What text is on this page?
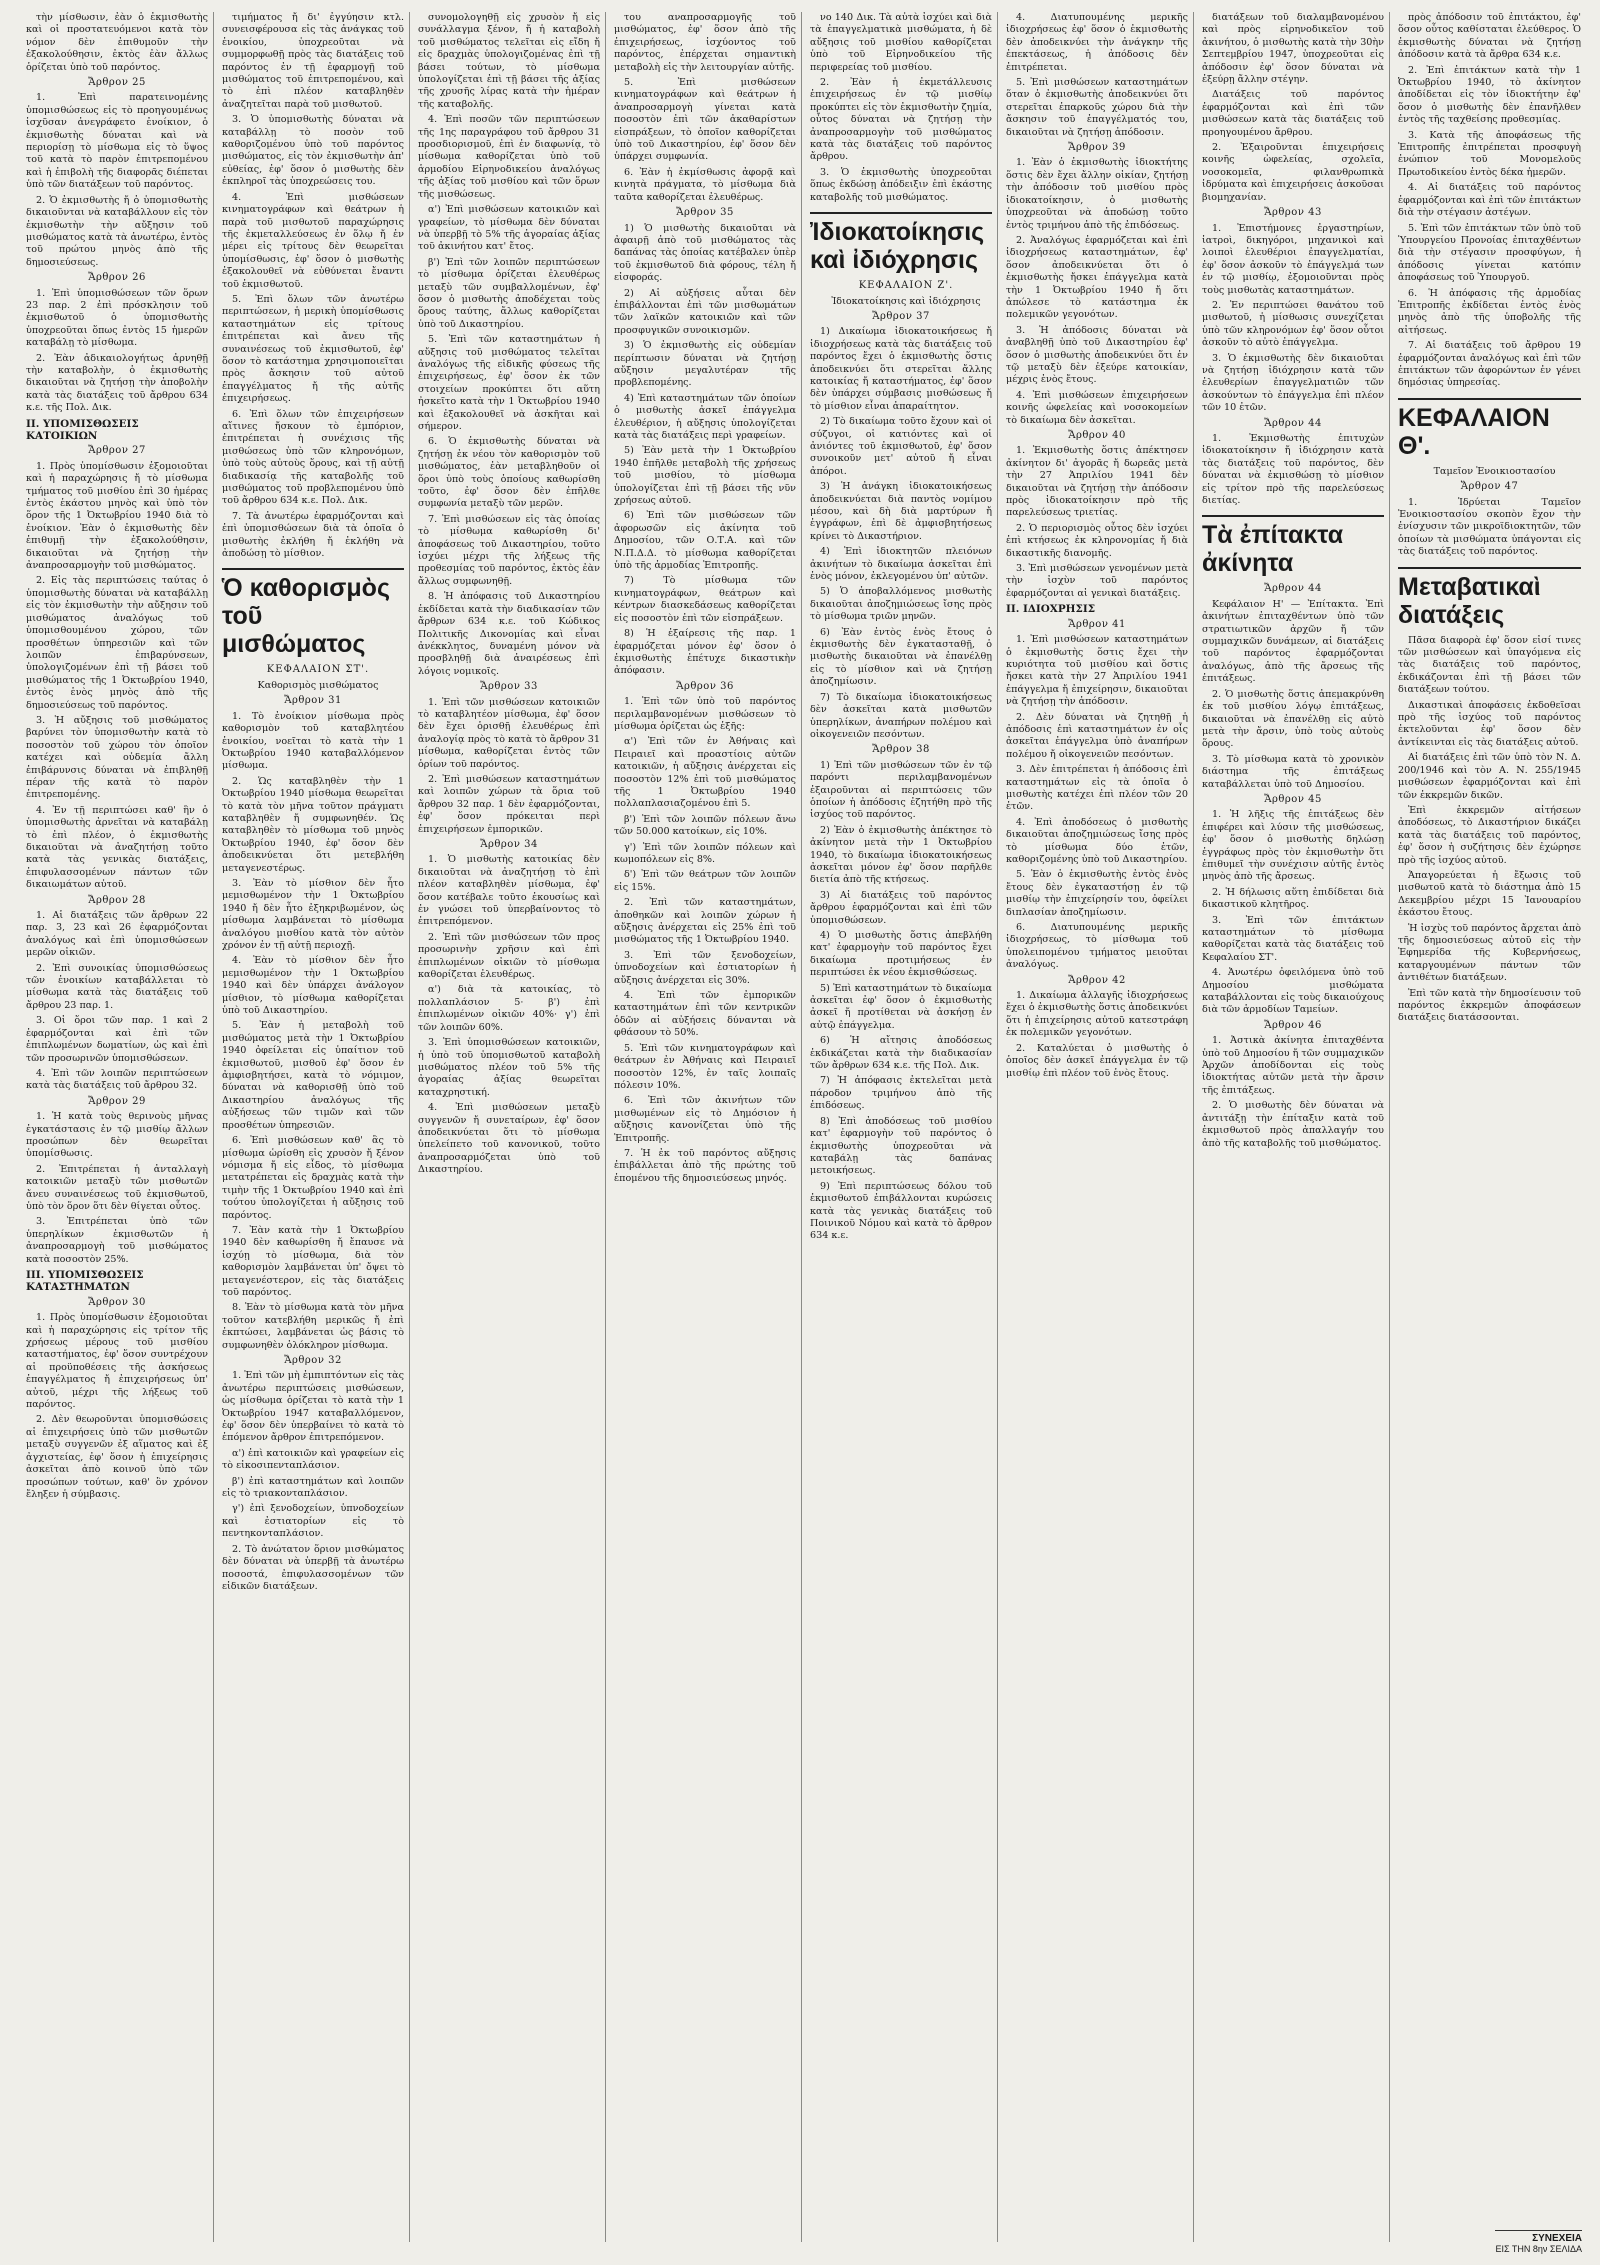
τὴν μίσθωσιν, ἐὰν ὁ ἐκμισθωτὴς καὶ οἱ προστατευόμενοι κατὰ τὸν νόμον δὲν ἐπιθυμοῦν τὴν ἐξακολούθησιν, ἐκτὸς ἐὰν ἄλλως ὁρίζεται ὑπὸ τοῦ παρόντος.

Ἄρθρον 25

1. Ἐπὶ παρατεινομένης ὑπομισθώσεως εἰς τὸ προηγουμένως ἰσχῦσαν ἀνεγράφετο ἐνοίκιον, ὁ ἐκμισθωτὴς δύναται καὶ νὰ περιορίσῃ τὸ μίσθωμα εἰς τὸ ὕψος τοῦ κατὰ τὸ παρὸν ἐπιτρεπομένου καὶ ἡ ἐπιβολὴ τῆς διαφορᾶς διέπεται ὑπὸ τῶν διατάξεων τοῦ παρόντος.

2. Ὁ ἐκμισθωτὴς ἤ ὁ ὑπομισθωτὴς δικαιοῦνται νὰ καταβάλλουν εἰς τὸν ἐκμισθωτὴν τὴν αὔξησιν τοῦ μισθώματος κατὰ τὰ ἀνωτέρω, ἐντὸς τοῦ πρώτου μηνὸς ἀπὸ τῆς δημοσιεύσεως.

Ἄρθρον 26

1. Ἐπὶ ὑπομισθώσεων τῶν ὅρων 23 παρ. 2 ἐπὶ πρόσκλησιν τοῦ ἐκμισθωτοῦ ὁ ὑπομισθωτὴς ὑποχρεοῦται ὅπως ἐντὸς 15 ἡμερῶν καταβάλῃ τὸ μίσθωμα.

2. Ἐὰν ἀδικαιολογήτως ἀρνηθῇ τὴν καταβολὴν, ὁ ἐκμισθωτὴς δικαιοῦται νὰ ζητήσῃ τὴν ἀποβολὴν κατὰ τὰς διατάξεις τοῦ ἄρθρου 634 κ.ε. τῆς Πολ. Δικ.

II. ΥΠΟΜΙΣΘΩΣΕΙΣ ΚΑΤΟΙΚΙΩΝ

Ἄρθρον 27

1. Πρὸς ὑπομίσθωσιν ἐξομοιοῦται καὶ ἡ παραχώρησις ἤ τὸ μίσθωμα τμήματος τοῦ μισθίου ἐπὶ 30 ἡμέρας ἐντὸς ἑκάστου μηνὸς καὶ ὑπὸ τὸν ὅρον τῆς 1 Ὀκτωβρίου 1940 διὰ τὸ ἐνοίκιον. Ἐὰν ὁ ἐκμισθωτὴς δὲν ἐπιθυμῇ τὴν ἐξακολούθησιν, δικαιοῦται νὰ ζητήσῃ τὴν ἀναπροσαρμογὴν τοῦ μισθώματος.

2. Εἰς τὰς περιπτώσεις ταύτας ὁ ὑπομισθωτὴς δύναται νὰ καταβάλλῃ εἰς τὸν ἐκμισθωτὴν τὴν αὔξησιν τοῦ μισθώματος ἀναλόγως τοῦ ὑπομισθουμένου χώρου, τῶν προσθέτων ὑπηρεσιῶν καὶ τῶν λοιπῶν ἐπιβαρύνσεων, ὑπολογιζομένων ἐπὶ τῇ βάσει τοῦ μισθώματος τῆς 1 Ὀκτωβρίου 1940, ἐντὸς ἑνὸς μηνὸς ἀπὸ τῆς δημοσιεύσεως τοῦ παρόντος.

3. Ἡ αὔξησις τοῦ μισθώματος βαρύνει τὸν ὑπομισθωτὴν κατὰ τὸ ποσοστὸν τοῦ χώρου τὸν ὁποῖον κατέχει καὶ οὐδεμία ἄλλη ἐπιβάρυνσις δύναται νὰ ἐπιβληθῇ πέραν τῆς κατὰ τὸ παρὸν ἐπιτρεπομένης.

4. Ἐν τῇ περιπτώσει καθ' ἣν ὁ ὑπομισθωτὴς ἀρνεῖται νὰ καταβάλῃ τὸ ἐπὶ πλέον, ὁ ἐκμισθωτὴς δικαιοῦται νὰ ἀναζητήσῃ τοῦτο κατὰ τὰς γενικὰς διατάξεις, ἐπιφυλασσομένων πάντων τῶν δικαιωμάτων αὐτοῦ.

Ἄρθρον 28

1. Αἱ διατάξεις τῶν ἄρθρων 22 παρ. 3, 23 καὶ 26 ἐφαρμόζονται ἀναλόγως καὶ ἐπὶ ὑπομισθώσεων μερῶν οἰκιῶν.

2. Ἐπὶ συνοικίας ὑπομισθώσεως τῶν ἐνοικίων καταβάλλεται τὸ μίσθωμα κατὰ τὰς διατάξεις τοῦ ἄρθρου 23 παρ. 1.

3. Οἱ ὅροι τῶν παρ. 1 καὶ 2 ἐφαρμόζονται καὶ ἐπὶ τῶν ἐπιπλωμένων δωματίων, ὡς καὶ ἐπὶ τῶν προσωρινῶν ὑπομισθώσεων.

4. Ἐπὶ τῶν λοιπῶν περιπτώσεων κατὰ τὰς διατάξεις τοῦ ἄρθρου 32.

Ἄρθρον 29

1. Ἡ κατὰ τοὺς θερινοὺς μῆνας ἐγκατάστασις ἐν τῷ μισθίῳ ἄλλων προσώπων δὲν θεωρεῖται ὑπομίσθωσις.

2. Ἐπιτρέπεται ἡ ἀνταλλαγὴ κατοικιῶν μεταξὺ τῶν μισθωτῶν ἄνευ συναινέσεως τοῦ ἐκμισθωτοῦ, ὑπὸ τὸν ὅρον ὅτι δὲν θίγεται οὗτος.

3. Ἐπιτρέπεται ὑπὸ τῶν ὑπερηλίκων ἐκμισθωτῶν ἡ ἀναπροσαρμογὴ τοῦ μισθώματος κατὰ ποσοστὸν 25%.

III. ΥΠΟΜΙΣΘΩΣΕΙΣ ΚΑΤΑΣΤΗΜΑΤΩΝ

Ἄρθρον 30

1. Πρὸς ὑπομίσθωσιν ἐξομοιοῦται καὶ ἡ παραχώρησις εἰς τρίτον τῆς χρήσεως μέρους τοῦ μισθίου καταστήματος, ἐφ' ὅσον συντρέχουν αἱ προϋποθέσεις τῆς ἀσκήσεως ἐπαγγέλματος ἤ ἐπιχειρήσεως ὑπ' αὐτοῦ, μέχρι τῆς λήξεως τοῦ παρόντος.

2. Δὲν θεωροῦνται ὑπομισθώσεις αἱ ἐπιχειρήσεις ὑπὸ τῶν μισθωτῶν μεταξὺ συγγενῶν ἐξ αἵματος καὶ ἐξ ἀγχιστείας, ἐφ' ὅσον ἡ ἐπιχείρησις ἀσκεῖται ἀπὸ κοινοῦ ὑπὸ τῶν προσώπων τούτων, καθ' ὃν χρόνον ἔληξεν ἡ σύμβασις.

τιμήματος ἤ δι' ἐγγύησιν κτλ. συνεισφέρουσα εἰς τὰς ἀνάγκας τοῦ ἐνοικίου, ὑποχρεοῦται νὰ συμμορφωθῇ πρὸς τὰς διατάξεις τοῦ παρόντος ἐν τῇ ἐφαρμογῇ τοῦ μισθώματος τοῦ ἐπιτρεπομένου, καὶ τὸ ἐπὶ πλέον καταβληθὲν ἀναζητεῖται παρὰ τοῦ μισθωτοῦ.

3. Ὁ ὑπομισθωτὴς δύναται νὰ καταβάλλῃ τὸ ποσὸν τοῦ καθοριζομένου ὑπὸ τοῦ παρόντος μισθώματος, εἰς τὸν ἐκμισθωτὴν ἀπ' εὐθείας, ἐφ' ὅσον ὁ μισθωτὴς δὲν ἐκπληροῖ τὰς ὑποχρεώσεις του.

4. Ἐπὶ μισθώσεων κινηματογράφων καὶ θεάτρων ἡ παρὰ τοῦ μισθωτοῦ παραχώρησις τῆς ἐκμεταλλεύσεως ἐν ὅλῳ ἤ ἐν μέρει εἰς τρίτους δὲν θεωρεῖται ὑπομίσθωσις, ἐφ' ὅσον ὁ μισθωτὴς ἐξακολουθεῖ νὰ εὐθύνεται ἔναντι τοῦ ἐκμισθωτοῦ.

5. Ἐπὶ ὅλων τῶν ἀνωτέρω περιπτώσεων, ἡ μερικὴ ὑπομίσθωσις καταστημάτων εἰς τρίτους ἐπιτρέπεται καὶ ἄνευ τῆς συναινέσεως τοῦ ἐκμισθωτοῦ, ἐφ' ὅσον τὸ κατάστημα χρησιμοποιεῖται πρὸς ἄσκησιν τοῦ αὐτοῦ ἐπαγγέλματος ἤ τῆς αὐτῆς ἐπιχειρήσεως.

6. Ἐπὶ ὅλων τῶν ἐπιχειρήσεων αἵτινες ἤσκουν τὸ ἐμπόριον, ἐπιτρέπεται ἡ συνέχισις τῆς μισθώσεως ὑπὸ τῶν κληρονόμων, ὑπὸ τοὺς αὐτοὺς ὅρους, καὶ τῇ αὐτῇ διαδικασίᾳ τῆς καταβολῆς τοῦ μισθώματος τοῦ προβλεπομένου ὑπὸ τοῦ ἄρθρου 634 κ.ε. Πολ. Δικ.

7. Τὰ ἀνωτέρω ἐφαρμόζονται καὶ ἐπὶ ὑπομισθώσεων διὰ τὰ ὁποῖα ὁ μισθωτὴς ἐκλήθη ἤ ἐκλήθη νὰ ἀποδώσῃ τὸ μίσθιον.

Ὁ καθορισμὸς τοῦ μισθώματος

ΚΕΦΑΛΑΙΟΝ ΣΤ'.

Καθορισμὸς μισθώματος

Ἄρθρον 31

1. Τὸ ἐνοίκιον μίσθωμα πρὸς καθορισμὸν τοῦ καταβλητέου ἐνοικίου, νοεῖται τὸ κατὰ τὴν 1 Ὀκτωβρίου 1940 καταβαλλόμενον μίσθωμα.

2. Ὡς καταβληθὲν τὴν 1 Ὀκτωβρίου 1940 μίσθωμα θεωρεῖται τὸ κατὰ τὸν μῆνα τοῦτον πράγματι καταβληθὲν ἤ συμφωνηθέν. Ὡς καταβληθὲν τὸ μίσθωμα τοῦ μηνὸς Ὀκτωβρίου 1940, ἐφ' ὅσον δὲν ἀποδεικνύεται ὅτι μετεβλήθη μεταγενεστέρως.

3. Ἐὰν τὸ μίσθιον δὲν ἦτο μεμισθωμένον τὴν 1 Ὀκτωβρίου 1940 ἤ δὲν ἦτο ἐξηκριβωμένον, ὡς μίσθωμα λαμβάνεται τὸ μίσθωμα ἀναλόγου μισθίου κατὰ τὸν αὐτὸν χρόνον ἐν τῇ αὐτῇ περιοχῇ.

4. Ἐὰν τὸ μίσθιον δὲν ἦτο μεμισθωμένον τὴν 1 Ὀκτωβρίου 1940 καὶ δὲν ὑπάρχει ἀνάλογον μίσθιον, τὸ μίσθωμα καθορίζεται ὑπὸ τοῦ Δικαστηρίου.

5. Ἐὰν ἡ μεταβολὴ τοῦ μισθώματος μετὰ τὴν 1 Ὀκτωβρίου 1940 ὀφείλεται εἰς ὑπαίτιον τοῦ ἐκμισθωτοῦ, μισθοῦ ἐφ' ὅσον ἐν ἀμφισβητήσει, κατὰ τὸ νόμιμον, δύναται νὰ καθορισθῇ ὑπὸ τοῦ Δικαστηρίου ἀναλόγως τῆς αὐξήσεως τῶν τιμῶν καὶ τῶν προσθέτων ὑπηρεσιῶν.

6. Ἐπὶ μισθώσεων καθ' ἃς τὸ μίσθωμα ὡρίσθη εἰς χρυσὸν ἤ ξένον νόμισμα ἤ εἰς εἶδος, τὸ μίσθωμα μετατρέπεται εἰς δραχμὰς κατὰ τὴν τιμὴν τῆς 1 Ὀκτωβρίου 1940 καὶ ἐπὶ τούτου ὑπολογίζεται ἡ αὔξησις τοῦ παρόντος.

7. Ἐὰν κατὰ τὴν 1 Ὀκτωβρίου 1940 δὲν καθωρίσθη ἤ ἔπαυσε νὰ ἰσχύῃ τὸ μίσθωμα, διὰ τὸν καθορισμὸν λαμβάνεται ὑπ' ὄψει τὸ μεταγενέστερον, εἰς τὰς διατάξεις τοῦ παρόντος.

8. Ἐὰν τὸ μίσθωμα κατὰ τὸν μῆνα τοῦτον κατεβλήθη μερικῶς ἤ ἐπὶ ἐκπτώσει, λαμβάνεται ὡς βάσις τὸ συμφωνηθὲν ὁλόκληρον μίσθωμα.

Ἄρθρον 32

1. Ἐπὶ τῶν μὴ ἐμπιπτόντων εἰς τὰς ἀνωτέρω περιπτώσεις μισθώσεων, ὡς μίσθωμα ὁρίζεται τὸ κατὰ τὴν 1 Ὀκτωβρίου 1947 καταβαλλόμενον, ἐφ' ὅσον δὲν ὑπερβαίνει τὸ κατὰ τὸ ἑπόμενον ἄρθρον ἐπιτρεπόμενον.

α') ἐπὶ κατοικιῶν καὶ γραφείων εἰς τὸ εἰκοσιπενταπλάσιον.

β') ἐπὶ καταστημάτων καὶ λοιπῶν εἰς τὸ τριακονταπλάσιον.

γ') ἐπὶ ξενοδοχείων, ὑπνοδοχείων καὶ ἐστιατορίων εἰς τὸ πεντηκονταπλάσιον.

2. Τὸ ἀνώτατον ὅριον μισθώματος δὲν δύναται νὰ ὑπερβῇ τὰ ἀνωτέρω ποσοστά, ἐπιφυλασσομένων τῶν εἰδικῶν διατάξεων.

συνομολογηθῇ εἰς χρυσὸν ἤ εἰς συνάλλαγμα ξένον, ἤ ἡ καταβολὴ τοῦ μισθώματος τελεῖται εἰς εἴδη ἤ εἰς δραχμὰς ὑπολογιζομένας ἐπὶ τῇ βάσει τούτων, τὸ μίσθωμα ὑπολογίζεται ἐπὶ τῇ βάσει τῆς ἀξίας τῆς χρυσῆς λίρας κατὰ τὴν ἡμέραν τῆς καταβολῆς.

4. Ἐπὶ ποσῶν τῶν περιπτώσεων τῆς 1ης παραγράφου τοῦ ἄρθρου 31 προσδιορισμοῦ, ἐπὶ ἐν διαφωνίᾳ, τὸ μίσθωμα καθορίζεται ὑπὸ τοῦ ἁρμοδίου Εἰρηνοδικείου ἀναλόγως τῆς ἀξίας τοῦ μισθίου καὶ τῶν ὅρων τῆς μισθώσεως.

α') Ἐπὶ μισθώσεων κατοικιῶν καὶ γραφείων, τὸ μίσθωμα δὲν δύναται νὰ ὑπερβῇ τὸ 5% τῆς ἀγοραίας ἀξίας τοῦ ἀκινήτου κατ' ἔτος.

β') Ἐπὶ τῶν λοιπῶν περιπτώσεων τὸ μίσθωμα ὁρίζεται ἐλευθέρως μεταξὺ τῶν συμβαλλομένων, ἐφ' ὅσον ὁ μισθωτὴς ἀποδέχεται τοὺς ὅρους ταύτης, ἄλλως καθορίζεται ὑπὸ τοῦ Δικαστηρίου.

5. Ἐπὶ τῶν καταστημάτων ἡ αὔξησις τοῦ μισθώματος τελεῖται ἀναλόγως τῆς εἰδικῆς φύσεως τῆς ἐπιχειρήσεως, ἐφ' ὅσον ἐκ τῶν στοιχείων προκύπτει ὅτι αὕτη ἠσκεῖτο κατὰ τὴν 1 Ὀκτωβρίου 1940 καὶ ἐξακολουθεῖ νὰ ἀσκῆται καὶ σήμερον.

6. Ὁ ἐκμισθωτὴς δύναται νὰ ζητήσῃ ἐκ νέου τὸν καθορισμὸν τοῦ μισθώματος, ἐὰν μεταβληθοῦν οἱ ὅροι ὑπὸ τοὺς ὁποίους καθωρίσθη τοῦτο, ἐφ' ὅσον δὲν ἐπῆλθε συμφωνία μεταξὺ τῶν μερῶν.

7. Ἐπὶ μισθώσεων εἰς τὰς ὁποίας τὸ μίσθωμα καθωρίσθη δι' ἀποφάσεως τοῦ Δικαστηρίου, τοῦτο ἰσχύει μέχρι τῆς λήξεως τῆς προθεσμίας τοῦ παρόντος, ἐκτὸς ἐὰν ἄλλως συμφωνηθῇ.

8. Ἡ ἀπόφασις τοῦ Δικαστηρίου ἐκδίδεται κατὰ τὴν διαδικασίαν τῶν ἄρθρων 634 κ.ε. τοῦ Κώδικος Πολιτικῆς Δικονομίας καὶ εἶναι ἀνέκκλητος, δυναμένη μόνον νὰ προσβληθῇ διὰ ἀναιρέσεως ἐπὶ λόγοις νομικοῖς.

Ἄρθρον 33

1. Ἐπὶ τῶν μισθώσεων κατοικιῶν τὸ καταβλητέον μίσθωμα, ἐφ' ὅσον δὲν ἔχει ὁρισθῇ ἐλευθέρως ἐπὶ ἀναλογίᾳ πρὸς τὸ κατὰ τὸ ἄρθρον 31 μίσθωμα, καθορίζεται ἐντὸς τῶν ὁρίων τοῦ παρόντος.

2. Ἐπὶ μισθώσεων καταστημάτων καὶ λοιπῶν χώρων τὰ ὅρια τοῦ ἄρθρου 32 παρ. 1 δὲν ἐφαρμόζονται, ἐφ' ὅσον πρόκειται περὶ ἐπιχειρήσεων ἐμπορικῶν.

Ἄρθρον 34

1. Ὁ μισθωτὴς κατοικίας δὲν δικαιοῦται νὰ ἀναζητήσῃ τὸ ἐπὶ πλέον καταβληθὲν μίσθωμα, ἐφ' ὅσον κατέβαλε τοῦτο ἐκουσίως καὶ ἐν γνώσει τοῦ ὑπερβαίνοντος τὸ ἐπιτρεπόμενον.

2. Ἐπὶ τῶν μισθώσεων τῶν προς προσωρινὴν χρῆσιν καὶ ἐπὶ ἐπιπλωμένων οἰκιῶν τὸ μίσθωμα καθορίζεται ἐλευθέρως.

α') διὰ τὰ κατοικίας, τὸ πολλαπλάσιον 5· β') ἐπὶ ἐπιπλωμένων οἰκιῶν 40%· γ') ἐπὶ τῶν λοιπῶν 60%.

3. Ἐπὶ ὑπομισθώσεων κατοικιῶν, ἡ ὑπὸ τοῦ ὑπομισθωτοῦ καταβολὴ μισθώματος πλέον τοῦ 5% τῆς ἀγοραίας ἀξίας θεωρεῖται καταχρηστική.

4. Ἐπὶ μισθώσεων μεταξὺ συγγενῶν ἤ συνεταίρων, ἐφ' ὅσον ἀποδεικνύεται ὅτι τὸ μίσθωμα ὑπελείπετο τοῦ κανονικοῦ, τοῦτο ἀναπροσαρμόζεται ὑπὸ τοῦ Δικαστηρίου.

του αναπροσαρμογῆς τοῦ μισθώματος, ἐφ' ὅσον ἀπὸ τῆς ἐπιχειρήσεως, ἰσχύοντος τοῦ παρόντος, ἐπέρχεται σημαντικὴ μεταβολὴ εἰς τὴν λειτουργίαν αὐτῆς.

5. Ἐπὶ μισθώσεων κινηματογράφων καὶ θεάτρων ἡ ἀναπροσαρμογὴ γίνεται κατὰ ποσοστὸν ἐπὶ τῶν ἀκαθαρίστων εἰσπράξεων, τὸ ὁποῖον καθορίζεται ὑπὸ τοῦ Δικαστηρίου, ἐφ' ὅσον δὲν ὑπάρχει συμφωνία.

6. Ἐὰν ἡ ἐκμίσθωσις ἀφορᾷ καὶ κινητὰ πράγματα, τὸ μίσθωμα διὰ ταῦτα καθορίζεται ἐλευθέρως.

Ἄρθρον 35

1) Ὁ μισθωτὴς δικαιοῦται νὰ ἀφαιρῇ ἀπὸ τοῦ μισθώματος τὰς δαπάνας τὰς ὁποίας κατέβαλεν ὑπὲρ τοῦ ἐκμισθωτοῦ διὰ φόρους, τέλη ἤ εἰσφοράς.

2) Αἱ αὐξήσεις αὗται δὲν ἐπιβάλλονται ἐπὶ τῶν μισθωμάτων τῶν λαϊκῶν κατοικιῶν καὶ τῶν προσφυγικῶν συνοικισμῶν.

3) Ὁ ἐκμισθωτὴς εἰς οὐδεμίαν περίπτωσιν δύναται νὰ ζητήσῃ αὔξησιν μεγαλυτέραν τῆς προβλεπομένης.

4) Ἐπὶ καταστημάτων τῶν ὁποίων ὁ μισθωτὴς ἀσκεῖ ἐπάγγελμα ἐλευθέριον, ἡ αὔξησις ὑπολογίζεται κατὰ τὰς διατάξεις περὶ γραφείων.

5) Ἐὰν μετὰ τὴν 1 Ὀκτωβρίου 1940 ἐπῆλθε μεταβολὴ τῆς χρήσεως τοῦ μισθίου, τὸ μίσθωμα ὑπολογίζεται ἐπὶ τῇ βάσει τῆς νῦν χρήσεως αὐτοῦ.

6) Ἐπὶ τῶν μισθώσεων τῶν ἀφορωσῶν εἰς ἀκίνητα τοῦ Δημοσίου, τῶν Ο.Τ.Α. καὶ τῶν Ν.Π.Δ.Δ. τὸ μίσθωμα καθορίζεται ὑπὸ τῆς ἁρμοδίας Ἐπιτροπῆς.

7) Τὸ μίσθωμα τῶν κινηματογράφων, θεάτρων καὶ κέντρων διασκεδάσεως καθορίζεται εἰς ποσοστὸν ἐπὶ τῶν εἰσπράξεων.

8) Ἡ ἐξαίρεσις τῆς παρ. 1 ἐφαρμόζεται μόνον ἐφ' ὅσον ὁ ἐκμισθωτὴς ἐπέτυχε δικαστικὴν ἀπόφασιν.

Ἄρθρον 36

1. Ἐπὶ τῶν ὑπὸ τοῦ παρόντος περιλαμβανομένων μισθώσεων τὸ μίσθωμα ὁρίζεται ὡς ἑξῆς:

α') Ἐπὶ τῶν ἐν Ἀθήναις καὶ Πειραιεῖ καὶ προαστίοις αὐτῶν κατοικιῶν, ἡ αὔξησις ἀνέρχεται εἰς ποσοστὸν 12% ἐπὶ τοῦ μισθώματος τῆς 1 Ὀκτωβρίου 1940 πολλαπλασιαζομένου ἐπὶ 5.

β') Ἐπὶ τῶν λοιπῶν πόλεων ἄνω τῶν 50.000 κατοίκων, εἰς 10%.

γ') Ἐπὶ τῶν λοιπῶν πόλεων καὶ κωμοπόλεων εἰς 8%.

δ') Ἐπὶ τῶν θεάτρων τῶν λοιπῶν εἰς 15%.

2. Ἐπὶ τῶν καταστημάτων, ἀποθηκῶν καὶ λοιπῶν χώρων ἡ αὔξησις ἀνέρχεται εἰς 25% ἐπὶ τοῦ μισθώματος τῆς 1 Ὀκτωβρίου 1940.

3. Ἐπὶ τῶν ξενοδοχείων, ὑπνοδοχείων καὶ ἐστιατορίων ἡ αὔξησις ἀνέρχεται εἰς 30%.

4. Ἐπὶ τῶν ἐμπορικῶν καταστημάτων ἐπὶ τῶν κεντρικῶν ὁδῶν αἱ αὐξήσεις δύνανται νὰ φθάσουν τὸ 50%.

5. Ἐπὶ τῶν κινηματογράφων καὶ θεάτρων ἐν Ἀθήναις καὶ Πειραιεῖ ποσοστὸν 12%, ἐν ταῖς λοιπαῖς πόλεσιν 10%.

6. Ἐπὶ τῶν ἀκινήτων τῶν μισθωμένων εἰς τὸ Δημόσιον ἡ αὔξησις κανονίζεται ὑπὸ τῆς Ἐπιτροπῆς.

7. Ἡ ἐκ τοῦ παρόντος αὔξησις ἐπιβάλλεται ἀπὸ τῆς πρώτης τοῦ ἑπομένου τῆς δημοσιεύσεως μηνός.

νο 140 Δικ. Τὰ αὐτὰ ἰσχύει καὶ διὰ τὰ ἐπαγγελματικὰ μισθώματα, ἡ δὲ αὔξησις τοῦ μισθίου καθορίζεται ὑπὸ τοῦ Εἰρηνοδικείου τῆς περιφερείας τοῦ μισθίου.

2. Ἐὰν ἡ ἐκμετάλλευσις ἐπιχειρήσεως ἐν τῷ μισθίῳ προκύπτει εἰς τὸν ἐκμισθωτὴν ζημία, οὗτος δύναται νὰ ζητήσῃ τὴν ἀναπροσαρμογὴν τοῦ μισθώματος κατὰ τὰς διατάξεις τοῦ παρόντος ἄρθρου.

3. Ὁ ἐκμισθωτὴς ὑποχρεοῦται ὅπως ἐκδώσῃ ἀπόδειξιν ἐπὶ ἑκάστης καταβολῆς τοῦ μισθώματος.

Ἰδιοκατοίκησις καὶ ἰδιόχρησις

ΚΕΦΑΛΑΙΟΝ Ζ'.

Ἰδιοκατοίκησις καὶ ἰδιόχρησις

Ἄρθρον 37

1) Δικαίωμα ἰδιοκατοικήσεως ἤ ἰδιοχρήσεως κατὰ τὰς διατάξεις τοῦ παρόντος ἔχει ὁ ἐκμισθωτὴς ὅστις ἀποδεικνύει ὅτι στερεῖται ἄλλης κατοικίας ἤ καταστήματος, ἐφ' ὅσον δὲν ὑπάρχει σύμβασις μισθώσεως ἤ τὸ μίσθιον εἶναι ἀπαραίτητον.

2) Τὸ δικαίωμα τοῦτο ἔχουν καὶ οἱ σύζυγοι, οἱ κατιόντες καὶ οἱ ἀνιόντες τοῦ ἐκμισθωτοῦ, ἐφ' ὅσον συνοικοῦν μετ' αὐτοῦ ἤ εἶναι ἀπόροι.

3) Ἡ ἀνάγκη ἰδιοκατοικήσεως ἀποδεικνύεται διὰ παντὸς νομίμου μέσου, καὶ δὴ διὰ μαρτύρων ἤ ἐγγράφων, ἐπὶ δὲ ἀμφισβητήσεως κρίνει τὸ Δικαστήριον.

4) Ἐπὶ ἰδιοκτητῶν πλειόνων ἀκινήτων τὸ δικαίωμα ἀσκεῖται ἐπὶ ἑνὸς μόνον, ἐκλεγομένου ὑπ' αὐτῶν.

5) Ὁ ἀποβαλλόμενος μισθωτὴς δικαιοῦται ἀποζημιώσεως ἴσης πρὸς τὸ μίσθωμα τριῶν μηνῶν.

6) Ἐὰν ἐντὸς ἑνὸς ἔτους ὁ ἐκμισθωτὴς δὲν ἐγκατασταθῇ, ὁ μισθωτὴς δικαιοῦται νὰ ἐπανέλθῃ εἰς τὸ μίσθιον καὶ νὰ ζητήσῃ ἀποζημίωσιν.

7) Τὸ δικαίωμα ἰδιοκατοικήσεως δὲν ἀσκεῖται κατὰ μισθωτῶν ὑπερηλίκων, ἀναπήρων πολέμου καὶ οἰκογενειῶν πεσόντων.

Ἄρθρον 38

1) Ἐπὶ τῶν μισθώσεων τῶν ἐν τῷ παρόντι περιλαμβανομένων ἐξαιροῦνται αἱ περιπτώσεις τῶν ὁποίων ἡ ἀπόδοσις ἐζητήθη πρὸ τῆς ἰσχύος τοῦ παρόντος.

2) Ἐὰν ὁ ἐκμισθωτὴς ἀπέκτησε τὸ ἀκίνητον μετὰ τὴν 1 Ὀκτωβρίου 1940, τὸ δικαίωμα ἰδιοκατοικήσεως ἀσκεῖται μόνον ἐφ' ὅσον παρῆλθε διετία ἀπὸ τῆς κτήσεως.

3) Αἱ διατάξεις τοῦ παρόντος ἄρθρου ἐφαρμόζονται καὶ ἐπὶ τῶν ὑπομισθώσεων.

4) Ὁ μισθωτὴς ὅστις ἀπεβλήθη κατ' ἐφαρμογὴν τοῦ παρόντος ἔχει δικαίωμα προτιμήσεως ἐν περιπτώσει ἐκ νέου ἐκμισθώσεως.

5) Ἐπὶ καταστημάτων τὸ δικαίωμα ἀσκεῖται ἐφ' ὅσον ὁ ἐκμισθωτὴς ἀσκεῖ ἤ προτίθεται νὰ ἀσκήσῃ ἐν αὐτῷ ἐπάγγελμα.

6) Ἡ αἴτησις ἀποδόσεως ἐκδικάζεται κατὰ τὴν διαδικασίαν τῶν ἄρθρων 634 κ.ε. τῆς Πολ. Δικ.

7) Ἡ ἀπόφασις ἐκτελεῖται μετὰ πάροδον τριμήνου ἀπὸ τῆς ἐπιδόσεως.

8) Ἐπὶ ἀποδόσεως τοῦ μισθίου κατ' ἐφαρμογὴν τοῦ παρόντος ὁ ἐκμισθωτὴς ὑποχρεοῦται νὰ καταβάλῃ τὰς δαπάνας μετοικήσεως.

9) Ἐπὶ περιπτώσεως δόλου τοῦ ἐκμισθωτοῦ ἐπιβάλλονται κυρώσεις κατὰ τὰς γενικὰς διατάξεις τοῦ Ποινικοῦ Νόμου καὶ κατὰ τὸ ἄρθρον 634 κ.ε.

4. Διατυπουμένης μερικῆς ἰδιοχρήσεως ἐφ' ὅσον ὁ ἐκμισθωτὴς δὲν ἀποδεικνύει τὴν ἀνάγκην τῆς ἐπεκτάσεως, ἡ ἀπόδοσις δὲν ἐπιτρέπεται.

5. Ἐπὶ μισθώσεων καταστημάτων ὅταν ὁ ἐκμισθωτὴς ἀποδεικνύει ὅτι στερεῖται ἐπαρκοῦς χώρου διὰ τὴν ἄσκησιν τοῦ ἐπαγγέλματός του, δικαιοῦται νὰ ζητήσῃ ἀπόδοσιν.

Ἄρθρον 39

1. Ἐὰν ὁ ἐκμισθωτὴς ἰδιοκτήτης ὅστις δὲν ἔχει ἄλλην οἰκίαν, ζητήσῃ τὴν ἀπόδοσιν τοῦ μισθίου πρὸς ἰδιοκατοίκησιν, ὁ μισθωτὴς ὑποχρεοῦται νὰ ἀποδώσῃ τοῦτο ἐντὸς τριμήνου ἀπὸ τῆς ἐπιδόσεως.

2. Ἀναλόγως ἐφαρμόζεται καὶ ἐπὶ ἰδιοχρήσεως καταστημάτων, ἐφ' ὅσον ἀποδεικνύεται ὅτι ὁ ἐκμισθωτὴς ἤσκει ἐπάγγελμα κατὰ τὴν 1 Ὀκτωβρίου 1940 ἤ ὅτι ἀπώλεσε τὸ κατάστημα ἐκ πολεμικῶν γεγονότων.

3. Ἡ ἀπόδοσις δύναται νὰ ἀναβληθῇ ὑπὸ τοῦ Δικαστηρίου ἐφ' ὅσον ὁ μισθωτὴς ἀποδεικνύει ὅτι ἐν τῷ μεταξὺ δὲν ἐξεύρε κατοικίαν, μέχρις ἑνὸς ἔτους.

4. Ἐπὶ μισθώσεων ἐπιχειρήσεων κοινῆς ὠφελείας καὶ νοσοκομείων τὸ δικαίωμα δὲν ἀσκεῖται.

Ἄρθρον 40

1. Ἐκμισθωτὴς ὅστις ἀπέκτησεν ἀκίνητον δι' ἀγορᾶς ἤ δωρεᾶς μετὰ τὴν 27 Ἀπριλίου 1941 δὲν δικαιοῦται νὰ ζητήσῃ τὴν ἀπόδοσιν πρὸς ἰδιοκατοίκησιν πρὸ τῆς παρελεύσεως τριετίας.

2. Ὁ περιορισμὸς οὗτος δὲν ἰσχύει ἐπὶ κτήσεως ἐκ κληρονομίας ἤ διὰ δικαστικῆς διανομῆς.

3. Ἐπὶ μισθώσεων γενομένων μετὰ τὴν ἰσχὺν τοῦ παρόντος ἐφαρμόζονται αἱ γενικαὶ διατάξεις.

II. ΙΔΙΟΧΡΗΣΙΣ

Ἄρθρον 41

1. Ἐπὶ μισθώσεων καταστημάτων ὁ ἐκμισθωτὴς ὅστις ἔχει τὴν κυριότητα τοῦ μισθίου καὶ ὅστις ἤσκει κατὰ τὴν 27 Ἀπριλίου 1941 ἐπάγγελμα ἤ ἐπιχείρησιν, δικαιοῦται νὰ ζητήσῃ τὴν ἀπόδοσιν.

2. Δὲν δύναται νὰ ζητηθῇ ἡ ἀπόδοσις ἐπὶ καταστημάτων ἐν οἷς ἀσκεῖται ἐπάγγελμα ὑπὸ ἀναπήρων πολέμου ἤ οἰκογενειῶν πεσόντων.

3. Δὲν ἐπιτρέπεται ἡ ἀπόδοσις ἐπὶ καταστημάτων εἰς τὰ ὁποῖα ὁ μισθωτὴς κατέχει ἐπὶ πλέον τῶν 20 ἐτῶν.

4. Ἐπὶ ἀποδόσεως ὁ μισθωτὴς δικαιοῦται ἀποζημιώσεως ἴσης πρὸς τὸ μίσθωμα δύο ἐτῶν, καθοριζομένης ὑπὸ τοῦ Δικαστηρίου.

5. Ἐὰν ὁ ἐκμισθωτὴς ἐντὸς ἑνὸς ἔτους δὲν ἐγκαταστήσῃ ἐν τῷ μισθίῳ τὴν ἐπιχείρησίν του, ὀφείλει διπλασίαν ἀποζημίωσιν.

6. Διατυπουμένης μερικῆς ἰδιοχρήσεως, τὸ μίσθωμα τοῦ ὑπολειπομένου τμήματος μειοῦται ἀναλόγως.

Ἄρθρον 42

1. Δικαίωμα ἀλλαγῆς ἰδιοχρήσεως ἔχει ὁ ἐκμισθωτὴς ὅστις ἀποδεικνύει ὅτι ἡ ἐπιχείρησις αὐτοῦ κατεστράφη ἐκ πολεμικῶν γεγονότων.

2. Καταλύεται ὁ μισθωτὴς ὁ ὁποῖος δὲν ἀσκεῖ ἐπάγγελμα ἐν τῷ μισθίῳ ἐπὶ πλέον τοῦ ἑνὸς ἔτους.

διατάξεων τοῦ διαλαμβανομένου καὶ πρὸς εἰρηνοδικεῖον τοῦ ἀκινήτου, ὁ μισθωτὴς κατὰ τὴν 30ὴν Σεπτεμβρίου 1947, ὑποχρεοῦται εἰς ἀπόδοσιν ἐφ' ὅσον δύναται νὰ ἐξεύρῃ ἄλλην στέγην.

Διατάξεις τοῦ παρόντος ἐφαρμόζονται καὶ ἐπὶ τῶν μισθώσεων κατὰ τὰς διατάξεις τοῦ προηγουμένου ἄρθρου.

2. Ἐξαιροῦνται ἐπιχειρήσεις κοινῆς ὠφελείας, σχολεῖα, νοσοκομεῖα, φιλανθρωπικὰ ἱδρύματα καὶ ἐπιχειρήσεις ἀσκοῦσαι βιομηχανίαν.

Ἄρθρον 43

1. Ἐπιστήμονες ἐργαστηρίων, ἰατροὶ, δικηγόροι, μηχανικοὶ καὶ λοιποὶ ἐλευθέριοι ἐπαγγελματίαι, ἐφ' ὅσον ἀσκοῦν τὸ ἐπάγγελμά των ἐν τῷ μισθίῳ, ἐξομοιοῦνται πρὸς τοὺς μισθωτὰς καταστημάτων.

2. Ἐν περιπτώσει θανάτου τοῦ μισθωτοῦ, ἡ μίσθωσις συνεχίζεται ὑπὸ τῶν κληρονόμων ἐφ' ὅσον οὗτοι ἀσκοῦν τὸ αὐτὸ ἐπάγγελμα.

3. Ὁ ἐκμισθωτὴς δὲν δικαιοῦται νὰ ζητήσῃ ἰδιόχρησιν κατὰ τῶν ἐλευθερίων ἐπαγγελματιῶν τῶν ἀσκούντων τὸ ἐπάγγελμα ἐπὶ πλέον τῶν 10 ἐτῶν.

Ἄρθρον 44

1. Ἐκμισθωτὴς ἐπιτυχὼν ἰδιοκατοίκησιν ἤ ἰδιόχρησιν κατὰ τὰς διατάξεις τοῦ παρόντος, δὲν δύναται νὰ ἐκμισθώσῃ τὸ μίσθιον εἰς τρίτον πρὸ τῆς παρελεύσεως διετίας.

Τὰ ἐπίτακτα ἀκίνητα

Ἄρθρον 44

Κεφάλαιον Η' — Ἐπίτακτα. Ἐπὶ ἀκινήτων ἐπιταχθέντων ὑπὸ τῶν στρατιωτικῶν ἀρχῶν ἤ τῶν συμμαχικῶν δυνάμεων, αἱ διατάξεις τοῦ παρόντος ἐφαρμόζονται ἀναλόγως, ἀπὸ τῆς ἄρσεως τῆς ἐπιτάξεως.

2. Ὁ μισθωτὴς ὅστις ἀπεμακρύνθη ἐκ τοῦ μισθίου λόγῳ ἐπιτάξεως, δικαιοῦται νὰ ἐπανέλθῃ εἰς αὐτὸ μετὰ τὴν ἄρσιν, ὑπὸ τοὺς αὐτοὺς ὅρους.

3. Τὸ μίσθωμα κατὰ τὸ χρονικὸν διάστημα τῆς ἐπιτάξεως καταβάλλεται ὑπὸ τοῦ Δημοσίου.

Ἄρθρον 45

1. Ἡ λῆξις τῆς ἐπιτάξεως δὲν ἐπιφέρει καὶ λύσιν τῆς μισθώσεως, ἐφ' ὅσον ὁ μισθωτὴς δηλώσῃ ἐγγράφως πρὸς τὸν ἐκμισθωτὴν ὅτι ἐπιθυμεῖ τὴν συνέχισιν αὐτῆς ἐντὸς μηνὸς ἀπὸ τῆς ἄρσεως.

2. Ἡ δήλωσις αὕτη ἐπιδίδεται διὰ δικαστικοῦ κλητῆρος.

3. Ἐπὶ τῶν ἐπιτάκτων καταστημάτων τὸ μίσθωμα καθορίζεται κατὰ τὰς διατάξεις τοῦ Κεφαλαίου ΣΤ'.

4. Ἀνωτέρω ὀφειλόμενα ὑπὸ τοῦ Δημοσίου μισθώματα καταβάλλονται εἰς τοὺς δικαιούχους διὰ τῶν ἁρμοδίων Ταμείων.

Ἄρθρον 46

1. Ἀστικὰ ἀκίνητα ἐπιταχθέντα ὑπὸ τοῦ Δημοσίου ἤ τῶν συμμαχικῶν Ἀρχῶν ἀποδίδονται εἰς τοὺς ἰδιοκτήτας αὐτῶν μετὰ τὴν ἄρσιν τῆς ἐπιτάξεως.

2. Ὁ μισθωτὴς δὲν δύναται νὰ ἀντιτάξῃ τὴν ἐπίταξιν κατὰ τοῦ ἐκμισθωτοῦ πρὸς ἀπαλλαγήν του ἀπὸ τῆς καταβολῆς τοῦ μισθώματος.

πρὸς ἀπόδοσιν τοῦ ἐπιτάκτου, ἐφ' ὅσον οὗτος καθίσταται ἐλεύθερος. Ὁ ἐκμισθωτὴς δύναται νὰ ζητήσῃ ἀπόδοσιν κατὰ τὰ ἄρθρα 634 κ.ε.

2. Ἐπὶ ἐπιτάκτων κατὰ τὴν 1 Ὀκτωβρίου 1940, τὸ ἀκίνητον ἀποδίδεται εἰς τὸν ἰδιοκτήτην ἐφ' ὅσον ὁ μισθωτὴς δὲν ἐπανῆλθεν ἐντὸς τῆς ταχθείσης προθεσμίας.

3. Κατὰ τῆς ἀποφάσεως τῆς Ἐπιτροπῆς ἐπιτρέπεται προσφυγὴ ἐνώπιον τοῦ Μονομελοῦς Πρωτοδικείου ἐντὸς δέκα ἡμερῶν.

4. Αἱ διατάξεις τοῦ παρόντος ἐφαρμόζονται καὶ ἐπὶ τῶν ἐπιτάκτων διὰ τὴν στέγασιν ἀστέγων.

5. Ἐπὶ τῶν ἐπιτάκτων τῶν ὑπὸ τοῦ Ὑπουργείου Προνοίας ἐπιταχθέντων διὰ τὴν στέγασιν προσφύγων, ἡ ἀπόδοσις γίνεται κατόπιν ἀποφάσεως τοῦ Ὑπουργοῦ.

6. Ἡ ἀπόφασις τῆς ἁρμοδίας Ἐπιτροπῆς ἐκδίδεται ἐντὸς ἑνὸς μηνὸς ἀπὸ τῆς ὑποβολῆς τῆς αἰτήσεως.

7. Αἱ διατάξεις τοῦ ἄρθρου 19 ἐφαρμόζονται ἀναλόγως καὶ ἐπὶ τῶν ἐπιτάκτων τῶν ἀφορώντων ἐν γένει δημόσιας ὑπηρεσίας.

ΚΕΦΑΛΑΙΟΝ Θ'.

Ταμεῖον Ἐνοικιοστασίου

Ἄρθρον 47

1. Ἱδρύεται Ταμεῖον Ἐνοικιοστασίου σκοπὸν ἔχον τὴν ἐνίσχυσιν τῶν μικροϊδιοκτητῶν, τῶν ὁποίων τὰ μισθώματα ὑπάγονται εἰς τὰς διατάξεις τοῦ παρόντος.

Μεταβατικαὶ διατάξεις

Πᾶσα διαφορὰ ἐφ' ὅσον εἰσί τινες τῶν μισθώσεων καὶ ὑπαγόμενα εἰς τὰς διατάξεις τοῦ παρόντος, ἐκδικάζονται ἐπὶ τῇ βάσει τῶν διατάξεων τούτου.

Δικαστικαὶ ἀποφάσεις ἐκδοθεῖσαι πρὸ τῆς ἰσχύος τοῦ παρόντος ἐκτελοῦνται ἐφ' ὅσον δὲν ἀντίκεινται εἰς τὰς διατάξεις αὐτοῦ.

Αἱ διατάξεις ἐπὶ τῶν ὑπὸ τὸν Ν. Δ. 200/1946 καὶ τὸν Α. Ν. 255/1945 μισθώσεων ἐφαρμόζονται καὶ ἐπὶ τῶν ἐκκρεμῶν δικῶν.

Ἐπὶ ἐκκρεμῶν αἰτήσεων ἀποδόσεως, τὸ Δικαστήριον δικάζει κατὰ τὰς διατάξεις τοῦ παρόντος, ἐφ' ὅσον ἡ συζήτησις δὲν ἐχώρησε πρὸ τῆς ἰσχύος αὐτοῦ.

Ἀπαγορεύεται ἡ ἔξωσις τοῦ μισθωτοῦ κατὰ τὸ διάστημα ἀπὸ 15 Δεκεμβρίου μέχρι 15 Ἰανουαρίου ἑκάστου ἔτους.

Ἡ ἰσχὺς τοῦ παρόντος ἄρχεται ἀπὸ τῆς δημοσιεύσεως αὐτοῦ εἰς τὴν Ἐφημερίδα τῆς Κυβερνήσεως, καταργουμένων πάντων τῶν ἀντιθέτων διατάξεων.

Ἐπὶ τῶν κατὰ τὴν δημοσίευσιν τοῦ παρόντος ἐκκρεμῶν ἀποφάσεων διατάξεις διατάσσονται.

ΣΥΝΕΧΕΙΑ
ΕΙΣ ΤΗΝ 8ην ΣΕΛΙΔΑ
